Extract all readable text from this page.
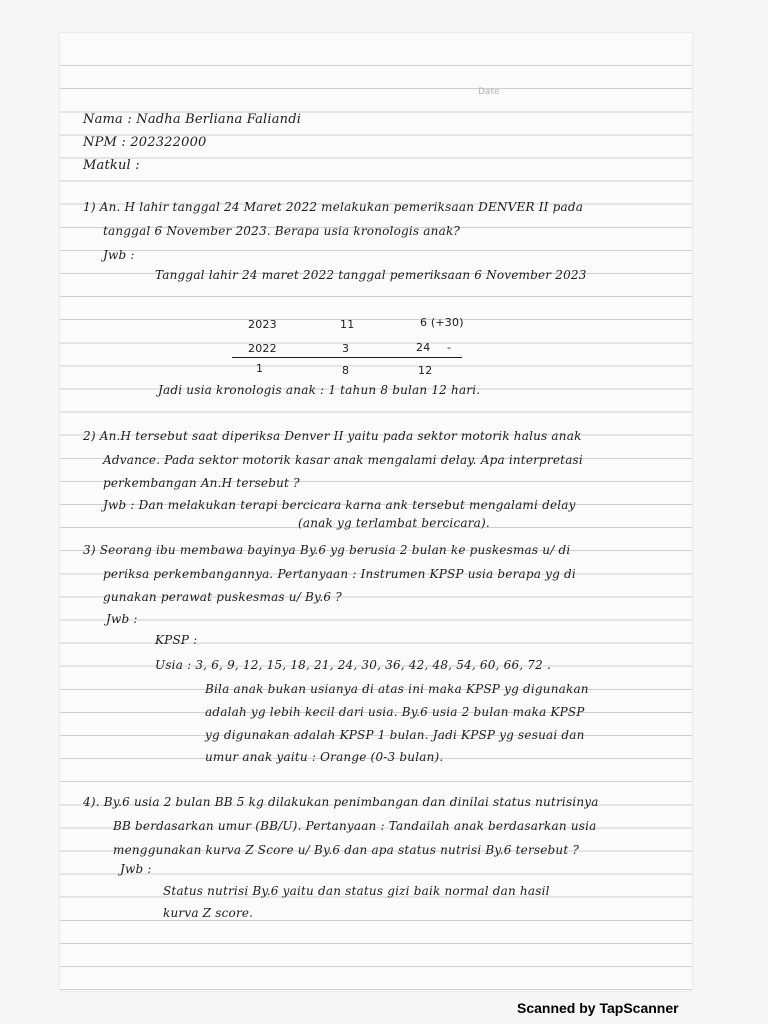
Date
Nama : Nadha Berliana Faliandi
NPM : 202322000
Matkul :
1) An. H lahir tanggal 24 Maret 2022 melakukan pemeriksaan DENVER II pada
tanggal 6 November 2023. Berapa usia kronologis anak?
Jwb :
Tanggal lahir 24 maret 2022 tanggal pemeriksaan 6 November 2023
2023	11	6 (+30)
2022	3	24 -
1	8	12
Jadi usia kronologis anak : 1 tahun 8 bulan 12 hari.
2) An.H tersebut saat diperiksa Denver II yaitu pada sektor motorik halus anak
Advance. Pada sektor motorik kasar anak mengalami delay. Apa interpretasi
perkembangan An.H tersebut ?
Jwb : Dan melakukan terapi bercicara karna ank tersebut mengalami delay
(anak yg terlambat bercicara).
3) Seorang ibu membawa bayinya By.6 yg berusia 2 bulan ke puskesmas u/ di
periksa perkembangannya. Pertanyaan : Instrumen KPSP usia berapa yg di
gunakan perawat puskesmas u/ By.6 ?
Jwb :
KPSP :
Usia : 3, 6, 9, 12, 15, 18, 21, 24, 30, 36, 42, 48, 54, 60, 66, 72 .
Bila anak bukan usianya di atas ini maka KPSP yg digunakan
adalah yg lebih kecil dari usia. By.6 usia 2 bulan maka KPSP
yg digunakan adalah KPSP 1 bulan. Jadi KPSP yg sesuai dan
umur anak yaitu : Orange (0-3 bulan).
4). By.6 usia 2 bulan BB 5 kg dilakukan penimbangan dan dinilai status nutrisinya
BB berdasarkan umur (BB/U). Pertanyaan : Tandailah anak berdasarkan usia
menggunakan kurva Z Score u/ By.6 dan apa status nutrisi By.6 tersebut ?
Jwb :
Status nutrisi By.6 yaitu dan status gizi baik normal dan hasil
kurva Z score.
Scanned by TapScanner
